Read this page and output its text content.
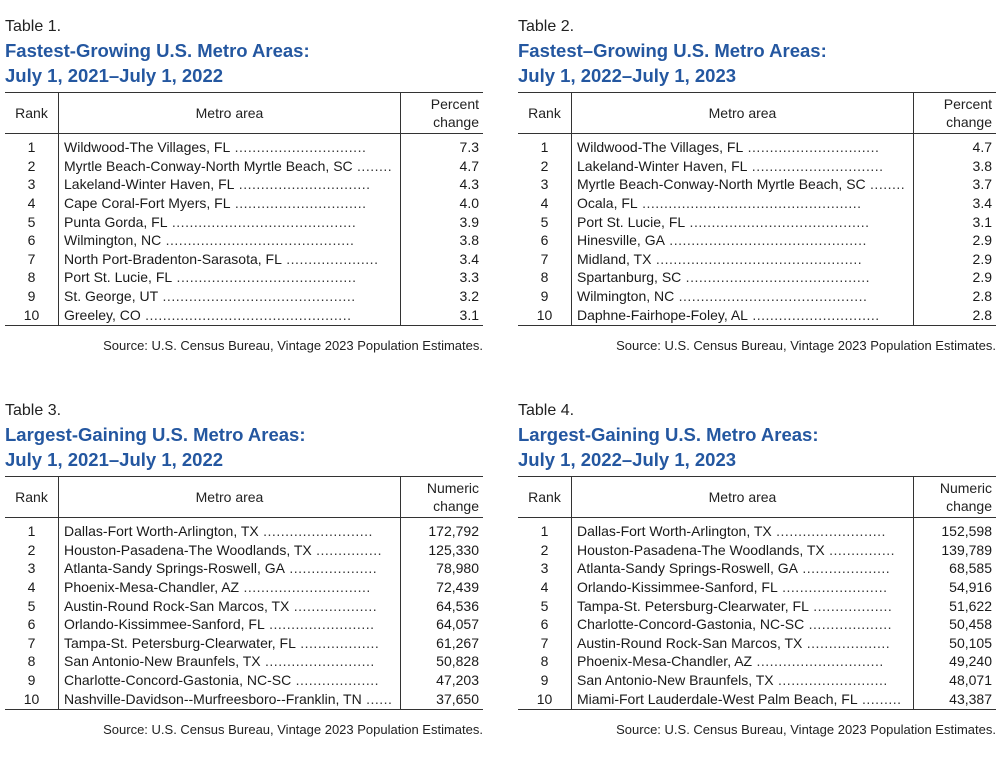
Table 1.
Fastest-Growing U.S. Metro Areas:
July 1, 2021–July 1, 2022
Rank	Metro area	Percent
change

1	Wildwood-The Villages, FL ..............................	7.3
2	Myrtle Beach-Conway-North Myrtle Beach, SC ........	4.7
3	Lakeland-Winter Haven, FL ..............................	4.3
4	Cape Coral-Fort Myers, FL ..............................	4.0
5	Punta Gorda, FL ..........................................	3.9
6	Wilmington, NC ...........................................	3.8
7	North Port-Bradenton-Sarasota, FL .....................	3.4
8	Port St. Lucie, FL .........................................	3.3
9	St. George, UT ............................................	3.2
10	Greeley, CO ...............................................	3.1
Source: U.S. Census Bureau, Vintage 2023 Population Estimates.
Table 2.
Fastest–Growing U.S. Metro Areas:
July 1, 2022–July 1, 2023
Rank	Metro area	Percent
change

1	Wildwood-The Villages, FL ..............................	4.7
2	Lakeland-Winter Haven, FL ..............................	3.8
3	Myrtle Beach-Conway-North Myrtle Beach, SC ........	3.7
4	Ocala, FL ..................................................	3.4
5	Port St. Lucie, FL .........................................	3.1
6	Hinesville, GA .............................................	2.9
7	Midland, TX ...............................................	2.9
8	Spartanburg, SC ..........................................	2.9
9	Wilmington, NC ...........................................	2.8
10	Daphne-Fairhope-Foley, AL .............................	2.8
Source: U.S. Census Bureau, Vintage 2023 Population Estimates.
Table 3.
Largest-Gaining U.S. Metro Areas:
July 1, 2021–July 1, 2022
Rank	Metro area	Numeric
change

1	Dallas-Fort Worth-Arlington, TX .........................	172,792
2	Houston-Pasadena-The Woodlands, TX ...............	125,330
3	Atlanta-Sandy Springs-Roswell, GA ....................	78,980
4	Phoenix-Mesa-Chandler, AZ .............................	72,439
5	Austin-Round Rock-San Marcos, TX ...................	64,536
6	Orlando-Kissimmee-Sanford, FL ........................	64,057
7	Tampa-St. Petersburg-Clearwater, FL ..................	61,267
8	San Antonio-New Braunfels, TX .........................	50,828
9	Charlotte-Concord-Gastonia, NC-SC ...................	47,203
10	Nashville-Davidson--Murfreesboro--Franklin, TN ......	37,650
Source: U.S. Census Bureau, Vintage 2023 Population Estimates.
Table 4.
Largest-Gaining U.S. Metro Areas:
July 1, 2022–July 1, 2023
Rank	Metro area	Numeric
change

1	Dallas-Fort Worth-Arlington, TX .........................	152,598
2	Houston-Pasadena-The Woodlands, TX ...............	139,789
3	Atlanta-Sandy Springs-Roswell, GA ....................	68,585
4	Orlando-Kissimmee-Sanford, FL ........................	54,916
5	Tampa-St. Petersburg-Clearwater, FL ..................	51,622
6	Charlotte-Concord-Gastonia, NC-SC ...................	50,458
7	Austin-Round Rock-San Marcos, TX ...................	50,105
8	Phoenix-Mesa-Chandler, AZ .............................	49,240
9	San Antonio-New Braunfels, TX .........................	48,071
10	Miami-Fort Lauderdale-West Palm Beach, FL .........	43,387
Source: U.S. Census Bureau, Vintage 2023 Population Estimates.
